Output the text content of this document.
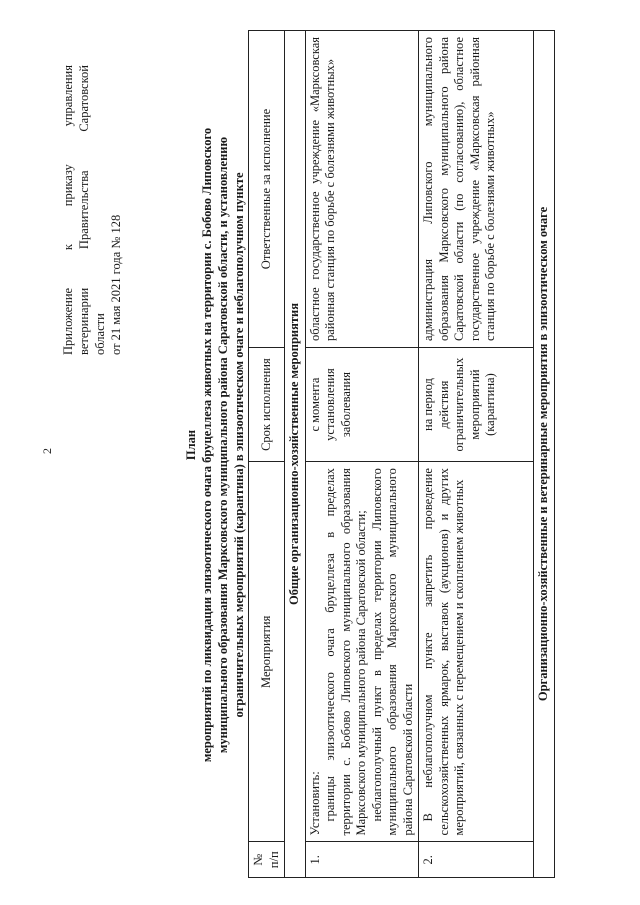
2
Приложение к приказу управления ветеринарии Правительства Саратовской области от 21 мая 2021 года № 128
План мероприятий по ликвидации эпизоотического очага бруцеллеза животных на территории с. Бобово Липовского муниципального образования Марксовского муниципального района Саратовской области, и установлению ограничительных мероприятий (карантина) в эпизоотическом очаге и неблагополучном пункте
№ п/п	Мероприятия	Срок исполнения	Ответственные за исполнение
Общие организационно-хозяйственные мероприятия			
1.	Установить: границы эпизоотического очага бруцеллеза в пределах территории с. Бобово Липовского муниципального образования Марксовского муниципального района Саратовской области; неблагополучный пункт в пределах территории Липовского муниципального образования Марксовского муниципального района Саратовской области	с момента установления заболевания	областное государственное учреждение «Марксовская районная станция по борьбе с болезнями животных»
2.	В неблагополучном пункте запретить проведение сельскохозяйственных ярмарок, выставок (аукционов) и других мероприятий, связанных с перемещением и скоплением животных	на период действия ограничительных мероприятий (карантина)	администрация Липовского муниципального образования Марксовского муниципального района Саратовской области (по согласованию), областное государственное учреждение «Марксовская районная станция по борьбе с болезнями животных»
Организационно-хозяйственные и ветеринарные мероприятия в эпизоотическом очаге			
